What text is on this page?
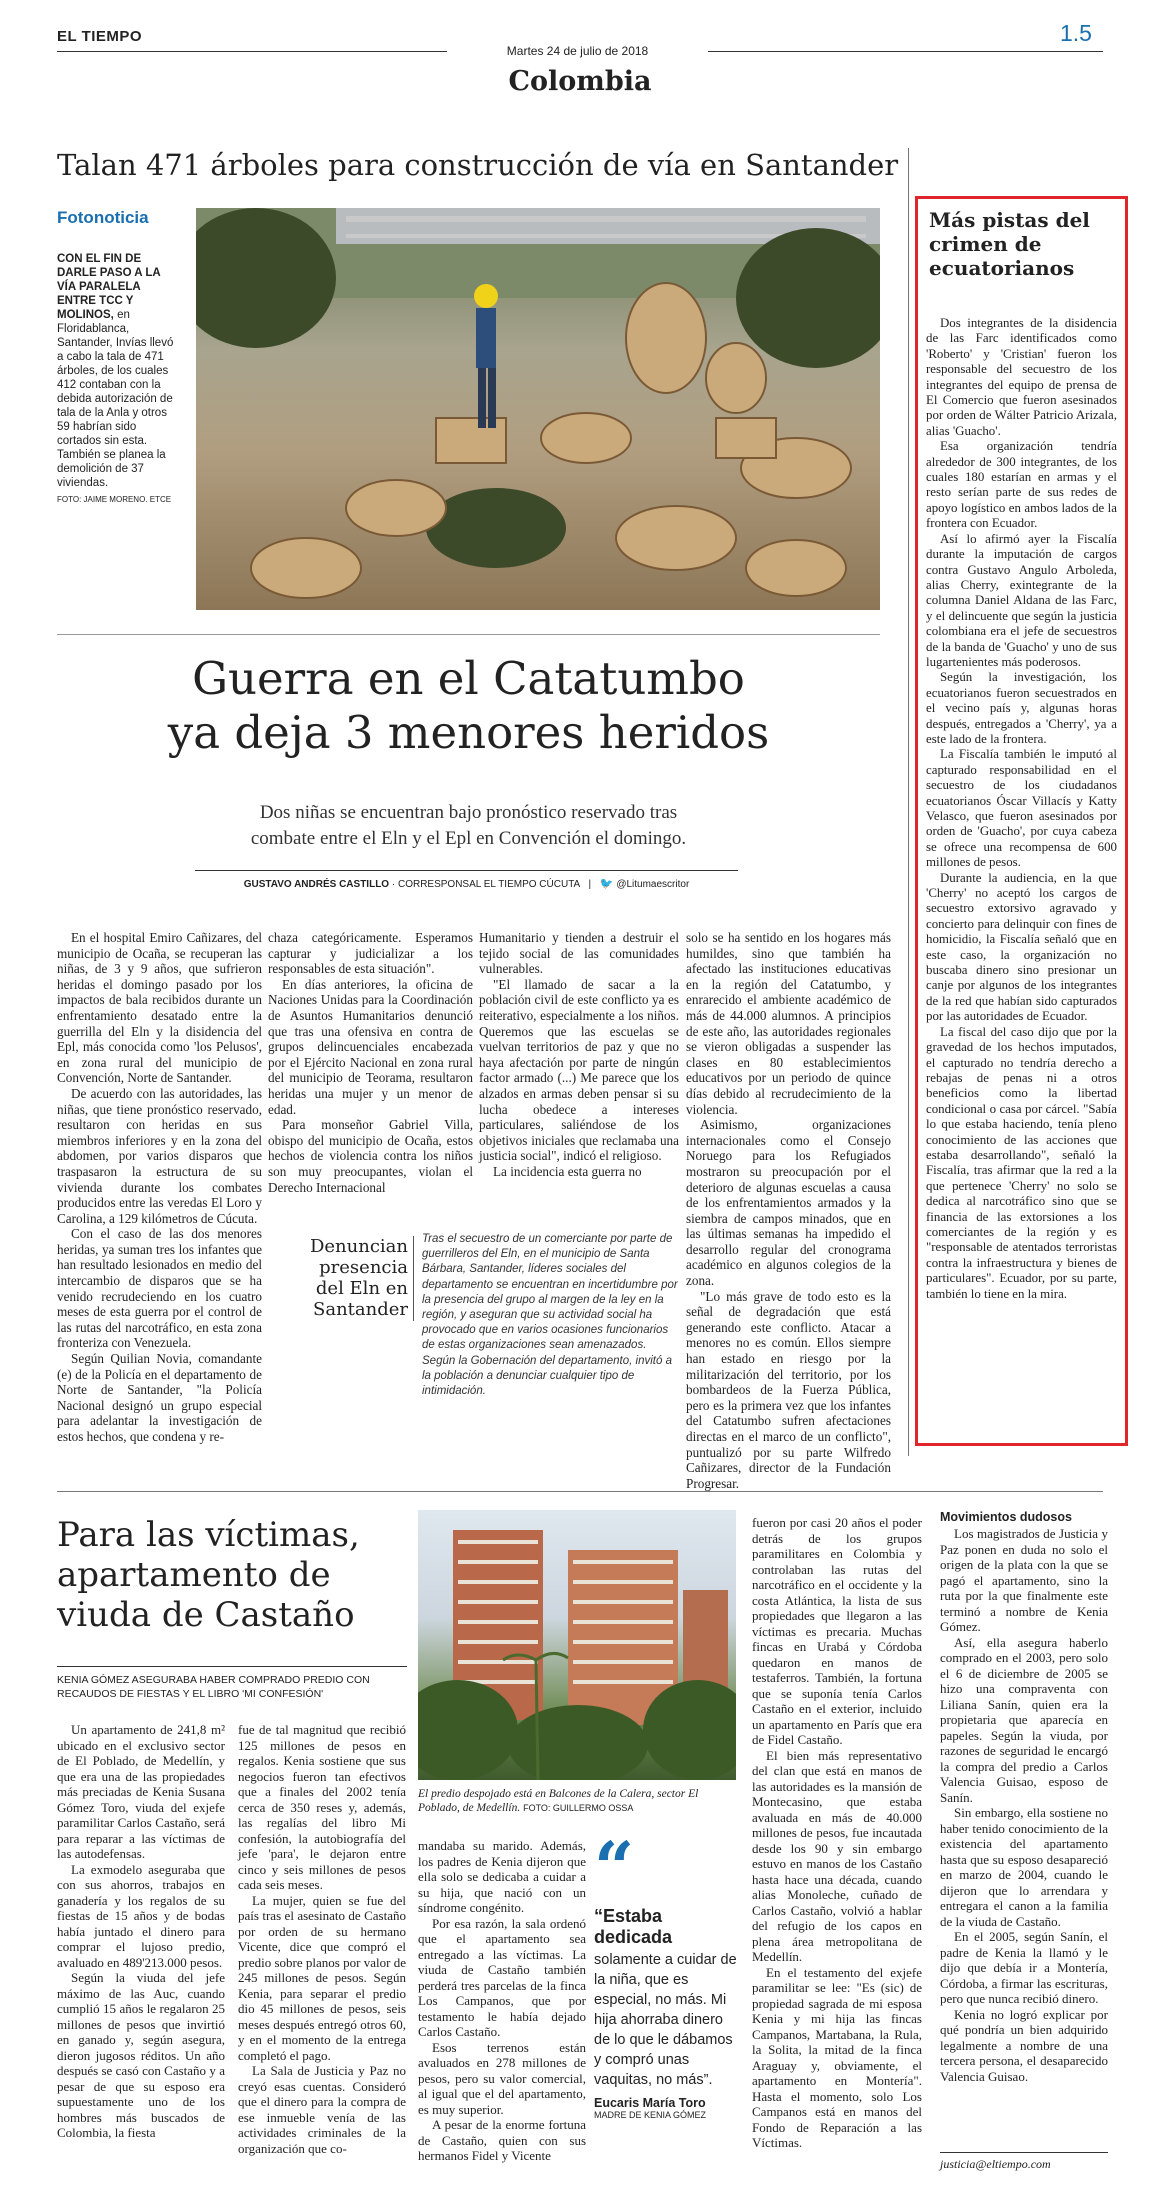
EL TIEMPO
Martes 24 de julio de 2018
1.5
Colombia
Talan 471 árboles para construcción de vía en Santander
Fotonoticia
CON EL FIN DE DARLE PASO A LA VÍA PARALELA ENTRE TCC Y MOLINOS, en Floridablanca, Santander, Invías llevó a cabo la tala de 471 árboles, de los cuales 412 contaban con la debida autorización de tala de la Anla y otros 59 habrían sido cortados sin esta. También se planea la demolición de 37 viviendas.
FOTO: JAIME MORENO. ETCE
Guerra en el Catatumbo
ya deja 3 menores heridos
Dos niñas se encuentran bajo pronóstico reservado tras
combate entre el Eln y el Epl en Convención el domingo.
GUSTAVO ANDRÉS CASTILLO · CORRESPONSAL EL TIEMPO CÚCUTA | 🐦 @Litumaescritor

En el hospital Emiro Cañizares, del municipio de Ocaña, se recuperan las niñas, de 3 y 9 años, que sufrieron heridas el domingo pasado por los impactos de bala recibidos durante un enfrentamiento desatado entre la guerrilla del Eln y la disidencia del Epl, más conocida como 'los Pelusos', en zona rural del municipio de Convención, Norte de Santander.

De acuerdo con las autoridades, las niñas, que tiene pronóstico reservado, resultaron con heridas en sus miembros inferiores y en la zona del abdomen, por varios disparos que traspasaron la estructura de su vivienda durante los combates producidos entre las veredas El Loro y Carolina, a 129 kilómetros de Cúcuta.

Con el caso de las dos menores heridas, ya suman tres los infantes que han resultado lesionados en medio del intercambio de disparos que se ha venido recrudeciendo en los cuatro meses de esta guerra por el control de las rutas del narcotráfico, en esta zona fronteriza con Venezuela.

Según Quilian Novia, comandante (e) de la Policía en el departamento de Norte de Santander, "la Policía Nacional designó un grupo especial para adelantar la investigación de estos hechos, que condena y re-

chaza categóricamente. Esperamos capturar y judicializar a los responsables de esta situación".

En días anteriores, la oficina de Naciones Unidas para la Coordinación de Asuntos Humanitarios denunció que tras una ofensiva en contra de grupos delincuenciales encabezada por el Ejército Nacional en zona rural del municipio de Teorama, resultaron heridas una mujer y un menor de edad.

Para monseñor Gabriel Villa, obispo del municipio de Ocaña, estos hechos de violencia contra los niños son muy preocupantes, violan el Derecho Internacional

Humanitario y tienden a destruir el tejido social de las comunidades vulnerables.

"El llamado de sacar a la población civil de este conflicto ya es reiterativo, especialmente a los niños. Queremos que las escuelas se vuelvan territorios de paz y que no haya afectación por parte de ningún factor armado (...) Me parece que los alzados en armas deben pensar si su lucha obedece a intereses particulares, saliéndose de los objetivos iniciales que reclamaba una justicia social", indicó el religioso.

La incidencia esta guerra no

solo se ha sentido en los hogares más humildes, sino que también ha afectado las instituciones educativas en la región del Catatumbo, y enrarecido el ambiente académico de más de 44.000 alumnos. A principios de este año, las autoridades regionales se vieron obligadas a suspender las clases en 80 establecimientos educativos por un periodo de quince días debido al recrudecimiento de la violencia.

Asimismo, organizaciones internacionales como el Consejo Noruego para los Refugiados mostraron su preocupación por el deterioro de algunas escuelas a causa de los enfrentamientos armados y la siembra de campos minados, que en las últimas semanas ha impedido el desarrollo regular del cronograma académico en algunos colegios de la zona.

"Lo más grave de todo esto es la señal de degradación que está generando este conflicto. Atacar a menores no es común. Ellos siempre han estado en riesgo por la militarización del territorio, por los bombardeos de la Fuerza Pública, pero es la primera vez que los infantes del Catatumbo sufren afectaciones directas en el marco de un conflicto", puntualizó por su parte Wilfredo Cañizares, director de la Fundación Progresar.

Denuncian
presencia
del Eln en
Santander
Tras el secuestro de un comerciante por parte de guerrilleros del Eln, en el municipio de Santa Bárbara, Santander, líderes sociales del departamento se encuentran en incertidumbre por la presencia del grupo al margen de la ley en la región, y aseguran que su actividad social ha provocado que en varios ocasiones funcionarios de estas organizaciones sean amenazados. Según la Gobernación del departamento, invitó a la población a denunciar cualquier tipo de intimidación.
Más pistas del
crimen de
ecuatorianos

Dos integrantes de la disidencia de las Farc identificados como 'Roberto' y 'Cristian' fueron los responsable del secuestro de los integrantes del equipo de prensa de El Comercio que fueron asesinados por orden de Wálter Patricio Arizala, alias 'Guacho'.

Esa organización tendría alrededor de 300 integrantes, de los cuales 180 estarían en armas y el resto serían parte de sus redes de apoyo logístico en ambos lados de la frontera con Ecuador.

Así lo afirmó ayer la Fiscalía durante la imputación de cargos contra Gustavo Angulo Arboleda, alias Cherry, exintegrante de la columna Daniel Aldana de las Farc, y el delincuente que según la justicia colombiana era el jefe de secuestros de la banda de 'Guacho' y uno de sus lugartenientes más poderosos.

Según la investigación, los ecuatorianos fueron secuestrados en el vecino país y, algunas horas después, entregados a 'Cherry', ya a este lado de la frontera.

La Fiscalía también le imputó al capturado responsabilidad en el secuestro de los ciudadanos ecuatorianos Óscar Villacís y Katty Velasco, que fueron asesinados por orden de 'Guacho', por cuya cabeza se ofrece una recompensa de 600 millones de pesos.

Durante la audiencia, en la que 'Cherry' no aceptó los cargos de secuestro extorsivo agravado y concierto para delinquir con fines de homicidio, la Fiscalía señaló que en este caso, la organización no buscaba dinero sino presionar un canje por algunos de los integrantes de la red que habían sido capturados por las autoridades de Ecuador.

La fiscal del caso dijo que por la gravedad de los hechos imputados, el capturado no tendría derecho a rebajas de penas ni a otros beneficios como la libertad condicional o casa por cárcel. "Sabía lo que estaba haciendo, tenía pleno conocimiento de las acciones que estaba desarrollando", señaló la Fiscalía, tras afirmar que la red a la que pertenece 'Cherry' no solo se dedica al narcotráfico sino que se financia de las extorsiones a los comerciantes de la región y es "responsable de atentados terroristas contra la infraestructura y bienes de particulares". Ecuador, por su parte, también lo tiene en la mira.

Para las víctimas,
apartamento de
viuda de Castaño
KENIA GÓMEZ ASEGURABA HABER COMPRADO PREDIO CON RECAUDOS DE FIESTAS Y EL LIBRO 'MI CONFESIÓN'

Un apartamento de 241,8 m² ubicado en el exclusivo sector de El Poblado, de Medellín, y que era una de las propiedades más preciadas de Kenia Susana Gómez Toro, viuda del exjefe paramilitar Carlos Castaño, será para reparar a las víctimas de las autodefensas.

La exmodelo aseguraba que con sus ahorros, trabajos en ganadería y los regalos de su fiestas de 15 años y de bodas había juntado el dinero para comprar el lujoso predio, avaluado en 489'213.000 pesos.

Según la viuda del jefe máximo de las Auc, cuando cumplió 15 años le regalaron 25 millones de pesos que invirtió en ganado y, según asegura, dieron jugosos réditos. Un año después se casó con Castaño y a pesar de que su esposo era supuestamente uno de los hombres más buscados de Colombia, la fiesta

fue de tal magnitud que recibió 125 millones de pesos en regalos. Kenia sostiene que sus negocios fueron tan efectivos que a finales del 2002 tenía cerca de 350 reses y, además, las regalías del libro Mi confesión, la autobiografía del jefe 'para', le dejaron entre cinco y seis millones de pesos cada seis meses.

La mujer, quien se fue del país tras el asesinato de Castaño por orden de su hermano Vicente, dice que compró el predio sobre planos por valor de 245 millones de pesos. Según Kenia, para separar el predio dio 45 millones de pesos, seis meses después entregó otros 60, y en el momento de la entrega completó el pago.

La Sala de Justicia y Paz no creyó esas cuentas. Consideró que el dinero para la compra de ese inmueble venía de las actividades criminales de la organización que co-

El predio despojado está en Balcones de la Calera, sector El Poblado, de Medellín. FOTO: GUILLERMO OSSA

mandaba su marido. Además, los padres de Kenia dijeron que ella solo se dedicaba a cuidar a su hija, que nació con un síndrome congénito.

Por esa razón, la sala ordenó que el apartamento sea entregado a las víctimas. La viuda de Castaño también perderá tres parcelas de la finca Los Campanos, que por testamento le había dejado Carlos Castaño.

Esos terrenos están avaluados en 278 millones de pesos, pero su valor comercial, al igual que el del apartamento, es muy superior.

A pesar de la enorme fortuna de Castaño, quien con sus hermanos Fidel y Vicente

“
“Estaba
dedicada
solamente a cuidar de la niña, que es especial, no más. Mi hija ahorraba dinero de lo que le dábamos y compró unas vaquitas, no más”.
Eucaris María Toro
MADRE DE KENIA GÓMEZ

fueron por casi 20 años el poder detrás de los grupos paramilitares en Colombia y controlaban las rutas del narcotráfico en el occidente y la costa Atlántica, la lista de sus propiedades que llegaron a las víctimas es precaria. Muchas fincas en Urabá y Córdoba quedaron en manos de testaferros. También, la fortuna que se suponía tenía Carlos Castaño en el exterior, incluido un apartamento en París que era de Fidel Castaño.

El bien más representativo del clan que está en manos de las autoridades es la mansión de Montecasino, que estaba avaluada en más de 40.000 millones de pesos, fue incautada desde los 90 y sin embargo estuvo en manos de los Castaño hasta hace una década, cuando alias Monoleche, cuñado de Carlos Castaño, volvió a hablar del refugio de los capos en plena área metropolitana de Medellín.

En el testamento del exjefe paramilitar se lee: "Es (sic) de propiedad sagrada de mi esposa Kenia y mi hija las fincas Campanos, Martabana, la Rula, la Solita, la mitad de la finca Araguay y, obviamente, el apartamento en Montería". Hasta el momento, solo Los Campanos está en manos del Fondo de Reparación a las Víctimas.

Movimientos dudosos

Los magistrados de Justicia y Paz ponen en duda no solo el origen de la plata con la que se pagó el apartamento, sino la ruta por la que finalmente este terminó a nombre de Kenia Gómez.

Así, ella asegura haberlo comprado en el 2003, pero solo el 6 de diciembre de 2005 se hizo una compraventa con Liliana Sanín, quien era la propietaria que aparecía en papeles. Según la viuda, por razones de seguridad le encargó la compra del predio a Carlos Valencia Guisao, esposo de Sanín.

Sin embargo, ella sostiene no haber tenido conocimiento de la existencia del apartamento hasta que su esposo desapareció en marzo de 2004, cuando le dijeron que lo arrendara y entregara el canon a la familia de la viuda de Castaño.

En el 2005, según Sanín, el padre de Kenia la llamó y le dijo que debía ir a Montería, Córdoba, a firmar las escrituras, pero que nunca recibió dinero.

Kenia no logró explicar por qué pondría un bien adquirido legalmente a nombre de una tercera persona, el desaparecido Valencia Guisao.

justicia@eltiempo.com
